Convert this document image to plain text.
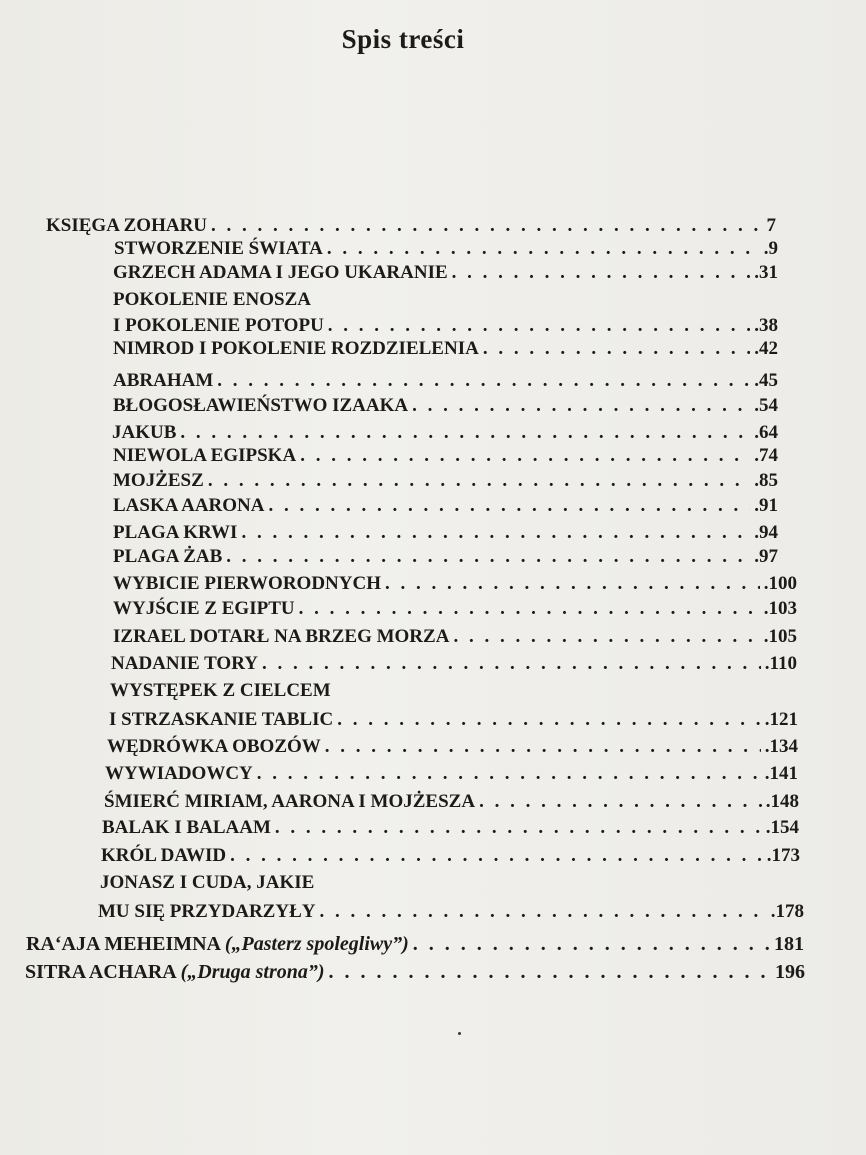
Spis treści
KSIĘGA ZOHARU . . .	7
STWORZENIE ŚWIATA . . .	.9
GRZECH ADAMA I JEGO UKARANIE . . .	.31
POKOLENIE ENOSZA
I POKOLENIE POTOPU . . .	.38
NIMROD I POKOLENIE ROZDZIELENIA . . .	.42
ABRAHAM . . .	.45
BŁOGOSŁAWIEŃSTWO IZAAKA . . .	.54
JAKUB . . .	.64
NIEWOLA EGIPSKA . . .	.74
MOJŻESZ . . .	.85
LASKA AARONA . . .	.91
PLAGA KRWI . . .	.94
PLAGA ŻAB . . .	.97
WYBICIE PIERWORODNYCH . . .	.100
WYJŚCIE Z EGIPTU . . .	.103
IZRAEL DOTARŁ NA BRZEG MORZA . . .	.105
NADANIE TORY . . .	.110
WYSTĘPEK Z CIELCEM
I STRZASKANIE TABLIC . . .	.121
WĘDRÓWKA OBOZÓW . . .	.134
WYWIADOWCY . . .	.141
ŚMIERĆ MIRIAM, AARONA I MOJŻESZA . . .	.148
BALAK I BALAAM . . .	.154
KRÓL DAWID . . .	.173
JONASZ I CUDA, JAKIE
MU SIĘ PRZYDARZYŁY . . .	.178
RA‘AJA MEHEIMNA („Pasterz spolegliwy”) . . .	181
SITRA ACHARA („Druga strona”) . . .	196
